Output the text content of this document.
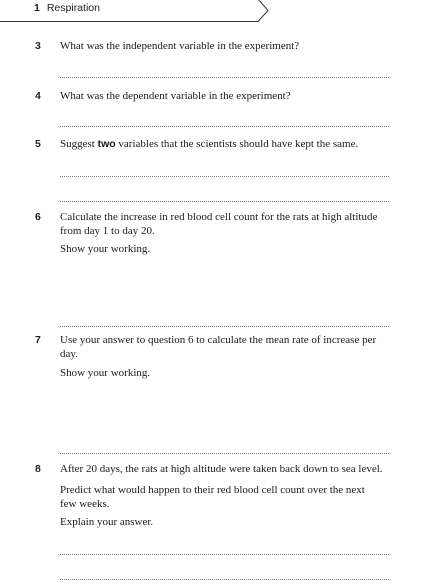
1 Respiration
3 What was the independent variable in the experiment?
4 What was the dependent variable in the experiment?
5 Suggest two variables that the scientists should have kept the same.
6 Calculate the increase in red blood cell count for the rats at high altitude from day 1 to day 20.
Show your working.
7 Use your answer to question 6 to calculate the mean rate of increase per day.
Show your working.
8 After 20 days, the rats at high altitude were taken back down to sea level.
Predict what would happen to their red blood cell count over the next few weeks.
Explain your answer.
